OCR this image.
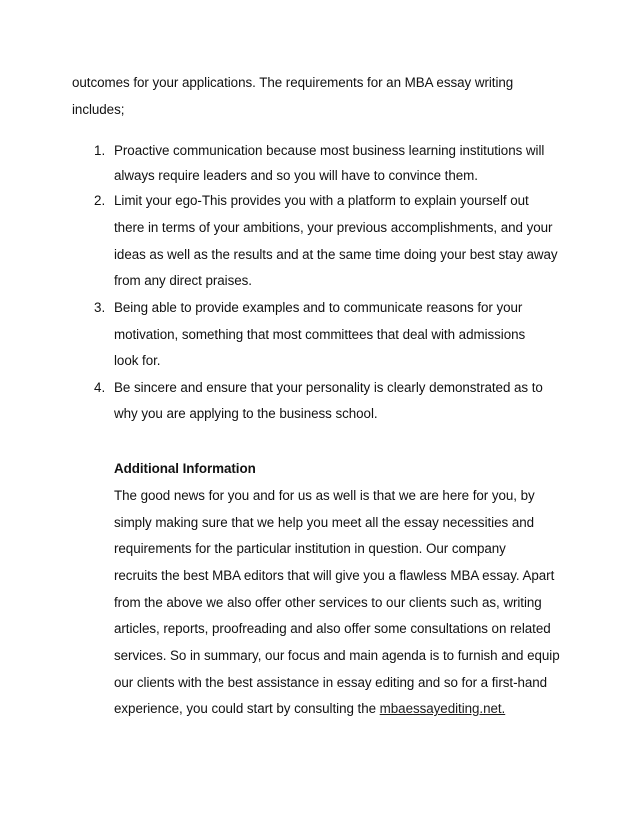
outcomes for your applications. The requirements for an MBA essay writing
includes;
1. Proactive communication because most business learning institutions will
always require leaders and so you will have to convince them.
2. Limit your ego-This provides you with a platform to explain yourself out
there in terms of your ambitions, your previous accomplishments, and your
ideas as well as the results and at the same time doing your best stay away
from any direct praises.
3. Being able to provide examples and to communicate reasons for your
motivation, something that most committees that deal with admissions
look for.
4. Be sincere and ensure that your personality is clearly demonstrated as to
why you are applying to the business school.
Additional Information
The good news for you and for us as well is that we are here for you, by
simply making sure that we help you meet all the essay necessities and
requirements for the particular institution in question. Our company
recruits the best MBA editors that will give you a flawless MBA essay. Apart
from the above we also offer other services to our clients such as, writing
articles, reports, proofreading and also offer some consultations on related
services. So in summary, our focus and main agenda is to furnish and equip
our clients with the best assistance in essay editing and so for a first-hand
experience, you could start by consulting the mbaessayediting.net.
